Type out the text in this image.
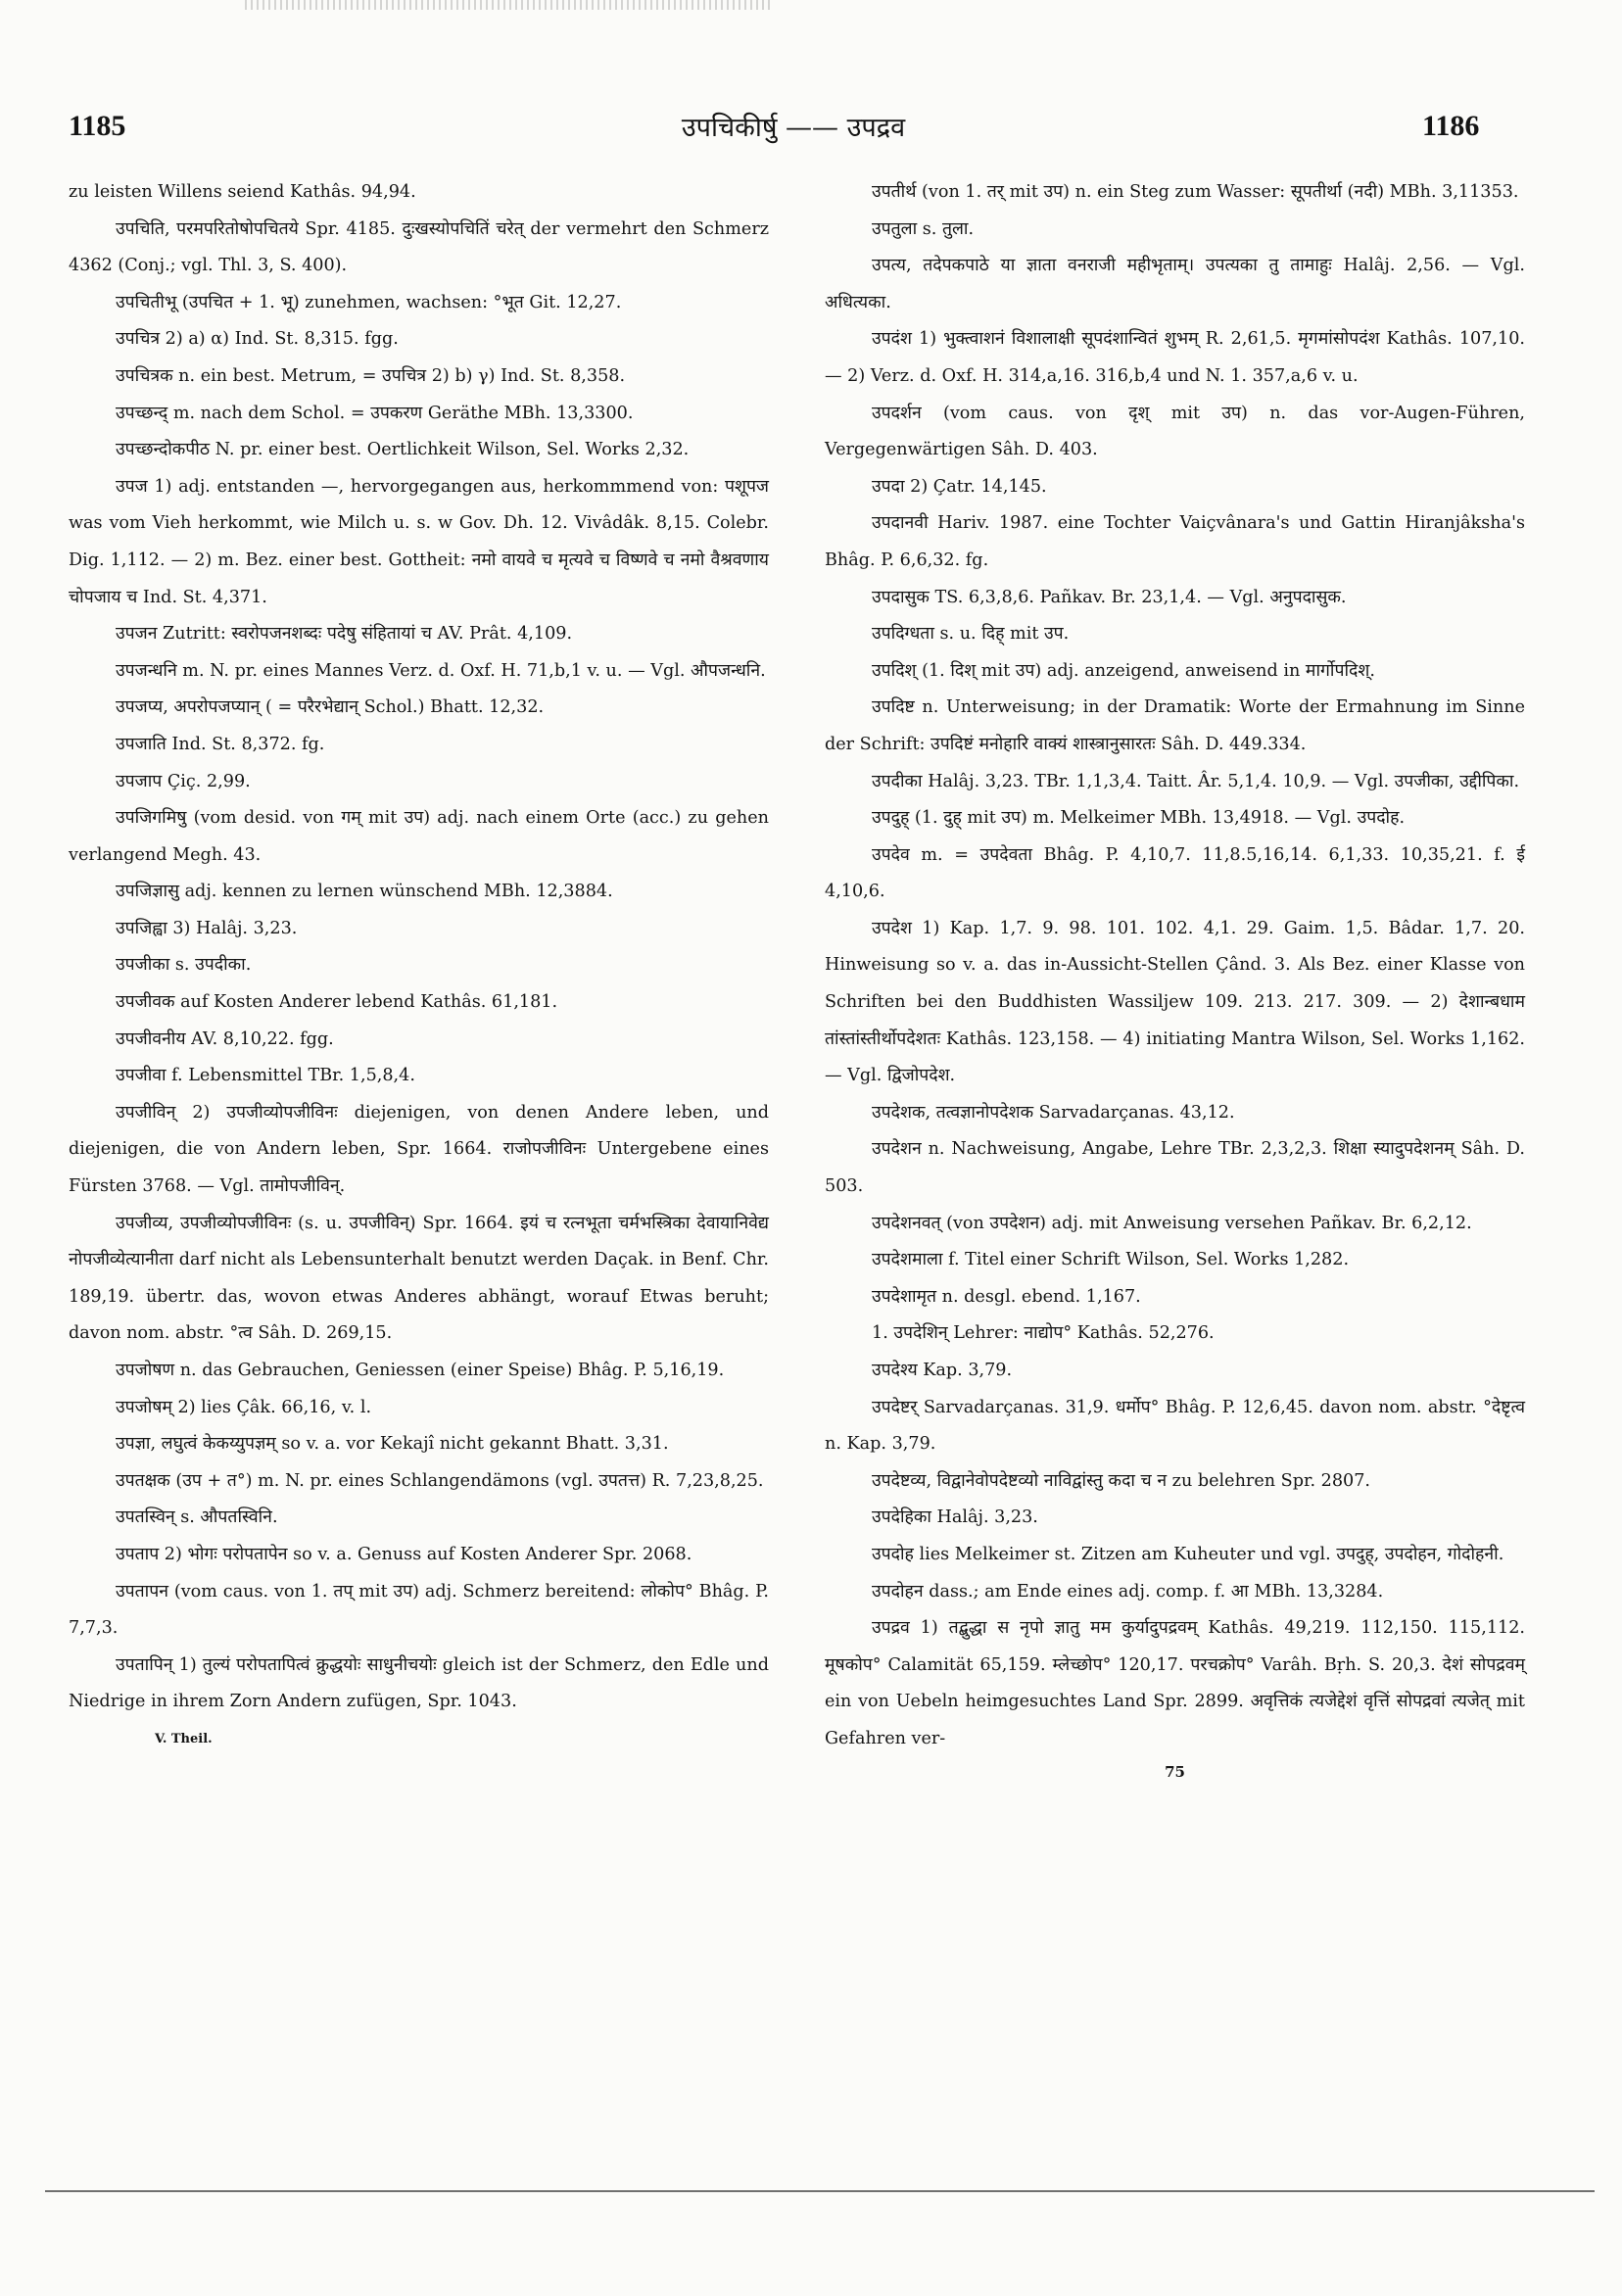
1185	उपचिकीर्षु —— उपद्रव	1186

zu leisten Willens seiend Kathâs. 94,94.

उपचिति, परमपरितोषोपचितये Spr. 4185. दुःखस्योपचितिं चरेत् der vermehrt den Schmerz 4362 (Conj.; vgl. Thl. 3, S. 400).

उपचितीभू (उपचित + 1. भू) zunehmen, wachsen: °भूत Git. 12,27.

उपचित्र 2) a) α) Ind. St. 8,315. fgg.

उपचित्रक n. ein best. Metrum, = उपचित्र 2) b) γ) Ind. St. 8,358.

उपच्छन्द् m. nach dem Schol. = उपकरण Geräthe MBh. 13,3300.

उपच्छन्दोकपीठ N. pr. einer best. Oertlichkeit Wilson, Sel. Works 2,32.

उपज 1) adj. entstanden —, hervorgegangen aus, herkommmend von: पशूपज was vom Vieh herkommt, wie Milch u. s. w Gov. Dh. 12. Vivâdâk. 8,15. Colebr. Dig. 1,112. — 2) m. Bez. einer best. Gottheit: नमो वायवे च मृत्यवे च विष्णवे च नमो वैश्रवणाय चोपजाय च Ind. St. 4,371.

उपजन Zutritt: स्वरोपजनशब्दः पदेषु संहितायां च AV. Prât. 4,109.

उपजन्धनि m. N. pr. eines Mannes Verz. d. Oxf. H. 71,b,1 v. u. — Vgl. औपजन्धनि.

उपजप्य, अपरोपजप्यान् ( = परैरभेद्यान् Schol.) Bhatt. 12,32.

उपजाति Ind. St. 8,372. fg.

उपजाप Çiç. 2,99.

उपजिगमिषु (vom desid. von गम् mit उप) adj. nach einem Orte (acc.) zu gehen verlangend Megh. 43.

उपजिज्ञासु adj. kennen zu lernen wünschend MBh. 12,3884.

उपजिह्वा 3) Halâj. 3,23.

उपजीका s. उपदीका.

उपजीवक auf Kosten Anderer lebend Kathâs. 61,181.

उपजीवनीय AV. 8,10,22. fgg.

उपजीवा f. Lebensmittel TBr. 1,5,8,4.

उपजीविन् 2) उपजीव्योपजीविनः diejenigen, von denen Andere leben, und diejenigen, die von Andern leben, Spr. 1664. राजोपजीविनः Untergebene eines Fürsten 3768. — Vgl. तामोपजीविन्.

उपजीव्य, उपजीव्योपजीविनः (s. u. उपजीविन्) Spr. 1664. इयं च रत्नभूता चर्मभस्त्रिका देवायानिवेद्य नोपजीव्येत्यानीता darf nicht als Lebensunterhalt benutzt werden Daçak. in Benf. Chr. 189,19. übertr. das, wovon etwas Anderes abhängt, worauf Etwas beruht; davon nom. abstr. °त्व Sâh. D. 269,15.

उपजोषण n. das Gebrauchen, Geniessen (einer Speise) Bhâg. P. 5,16,19.

उपजोषम् 2) lies Çâk. 66,16, v. l.

उपज्ञा, लघुत्वं केकय्युपज्ञम् so v. a. vor Kekajî nicht gekannt Bhatt. 3,31.

उपतक्षक (उप + त°) m. N. pr. eines Schlangendämons (vgl. उपतत्त) R. 7,23,8,25.

उपतस्विन् s. औपतस्विनि.

उपताप 2) भोगः परोपतापेन so v. a. Genuss auf Kosten Anderer Spr. 2068.

उपतापन (vom caus. von 1. तप् mit उप) adj. Schmerz bereitend: लोकोप° Bhâg. P. 7,7,3.

उपतापिन् 1) तुल्यं परोपतापित्वं क्रुद्धयोः साधुनीचयोः gleich ist der Schmerz, den Edle und Niedrige in ihrem Zorn Andern zufügen, Spr. 1043.

V. Theil.

उपतीर्थ (von 1. तर् mit उप) n. ein Steg zum Wasser: सूपतीर्था (नदी) MBh. 3,11353.

उपतुला s. तुला.

उपत्य, तदेपकपाठे या ज्ञाता वनराजी महीभृताम्। उपत्यका तु तामाहुः Halâj. 2,56. — Vgl. अधित्यका.

उपदंश 1) भुक्त्वाशनं विशालाक्षी सूपदंशान्वितं शुभम् R. 2,61,5. मृगमांसोपदंश Kathâs. 107,10. — 2) Verz. d. Oxf. H. 314,a,16. 316,b,4 und N. 1. 357,a,6 v. u.

उपदर्शन (vom caus. von दृश् mit उप) n. das vor-Augen-Führen, Vergegenwärtigen Sâh. D. 403.

उपदा 2) Çatr. 14,145.

उपदानवी Hariv. 1987. eine Tochter Vaiçvânara's und Gattin Hiranjâksha's Bhâg. P. 6,6,32. fg.

उपदासुक TS. 6,3,8,6. Pañkav. Br. 23,1,4. — Vgl. अनुपदासुक.

उपदिग्धता s. u. दिह् mit उप.

उपदिश् (1. दिश् mit उप) adj. anzeigend, anweisend in मार्गोपदिश्.

उपदिष्ट n. Unterweisung; in der Dramatik: Worte der Ermahnung im Sinne der Schrift: उपदिष्टं मनोहारि वाक्यं शास्त्रानुसारतः Sâh. D. 449.334.

उपदीका Halâj. 3,23. TBr. 1,1,3,4. Taitt. Âr. 5,1,4. 10,9. — Vgl. उपजीका, उद्दीपिका.

उपदुह् (1. दुह् mit उप) m. Melkeimer MBh. 13,4918. — Vgl. उपदोह.

उपदेव m. = उपदेवता Bhâg. P. 4,10,7. 11,8.5,16,14. 6,1,33. 10,35,21. f. ई 4,10,6.

उपदेश 1) Kap. 1,7. 9. 98. 101. 102. 4,1. 29. Gaim. 1,5. Bâdar. 1,7. 20. Hinweisung so v. a. das in-Aussicht-Stellen Çând. 3. Als Bez. einer Klasse von Schriften bei den Buddhisten Wassiljew 109. 213. 217. 309. — 2) देशान्बधाम तांस्तांस्तीर्थोपदेशतः Kathâs. 123,158. — 4) initiating Mantra Wilson, Sel. Works 1,162. — Vgl. द्विजोपदेश.

उपदेशक, तत्वज्ञानोपदेशक Sarvadarçanas. 43,12.

उपदेशन n. Nachweisung, Angabe, Lehre TBr. 2,3,2,3. शिक्षा स्यादुपदेशनम् Sâh. D. 503.

उपदेशनवत् (von उपदेशन) adj. mit Anweisung versehen Pañkav. Br. 6,2,12.

उपदेशमाला f. Titel einer Schrift Wilson, Sel. Works 1,282.

उपदेशामृत n. desgl. ebend. 1,167.

1. उपदेशिन् Lehrer: नाद्योप° Kathâs. 52,276.

उपदेश्य Kap. 3,79.

उपदेष्टर् Sarvadarçanas. 31,9. धर्मोप° Bhâg. P. 12,6,45. davon nom. abstr. °देष्टृत्व n. Kap. 3,79.

उपदेष्टव्य, विद्वानेवोपदेष्टव्यो नाविद्वांस्तु कदा च न zu belehren Spr. 2807.

उपदेहिका Halâj. 3,23.

उपदोह lies Melkeimer st. Zitzen am Kuheuter und vgl. उपदुह्, उपदोहन, गोदोहनी.

उपदोहन dass.; am Ende eines adj. comp. f. आ MBh. 13,3284.

उपद्रव 1) तद्बुद्धा स नृपो ज्ञातु मम कुर्यादुपद्रवम् Kathâs. 49,219. 112,150. 115,112. मूषकोप° Calamität 65,159. म्लेच्छोप° 120,17. परचक्रोप° Varâh. Bṛh. S. 20,3. देशं सोपद्रवम् ein von Uebeln heimgesuchtes Land Spr. 2899. अवृत्तिकं त्यजेद्देशं वृत्तिं सोपद्रवां त्यजेत् mit Gefahren ver-

75
